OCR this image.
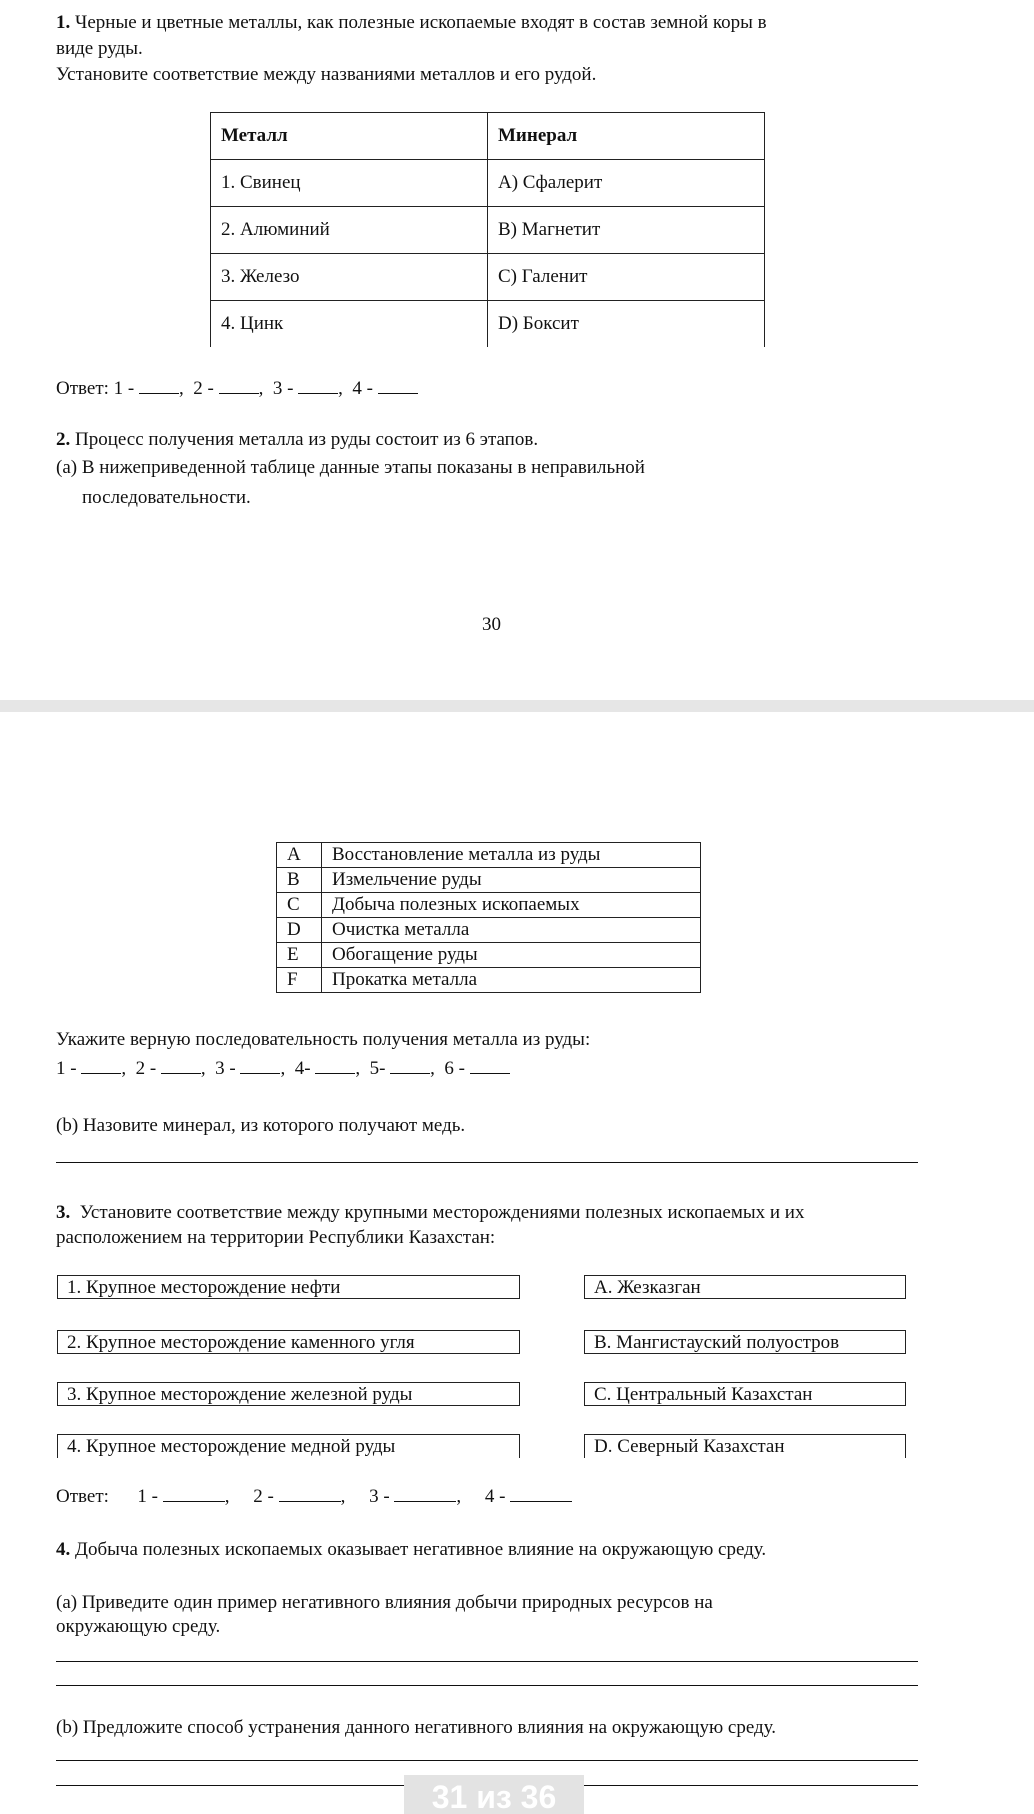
1. Черные и цветные металлы, как полезные ископаемые входят в состав земной коры в
виде руды.
Установите соответствие между названиями металлов и его рудой.
Металл	Минерал
1. Свинец	А) Сфалерит
2. Алюминий	B) Магнетит
3. Железо	C) Галенит
4. Цинк	D) Боксит
Ответ: 1 - ,  2 - ,  3 - ,  4 -
2. Процесс получения металла из руды состоит из 6 этапов.
(a) В нижеприведенной таблице данные этапы показаны в неправильной
последовательности.
30
A	Восстановление металла из руды
B	Измельчение руды
C	Добыча полезных ископаемых
D	Очистка металла
E	Обогащение руды
F	Прокатка металла
Укажите верную последовательность получения металла из руды:
1 - ,  2 - ,  3 - ,  4- ,  5- ,  6 -
(b) Назовите минерал, из которого получают медь.
3. Установите соответствие между крупными месторождениями полезных ископаемых и их
расположением на территории Республики Казахстан:
1. Крупное месторождение нефти	A. Жезказган
2. Крупное месторождение каменного угля	B. Мангистауский полуостров
3. Крупное месторождение железной руды	C. Центральный Казахстан
4. Крупное месторождение медной руды	D. Северный Казахстан
Ответ: 1 -	,     2 -	,     3 -	,     4 -
4. Добыча полезных ископаемых оказывает негативное влияние на окружающую среду.
(a) Приведите один пример негативного влияния добычи природных ресурсов на
окружающую среду.
(b) Предложите способ устранения данного негативного влияния на окружающую среду.
31 из 36
